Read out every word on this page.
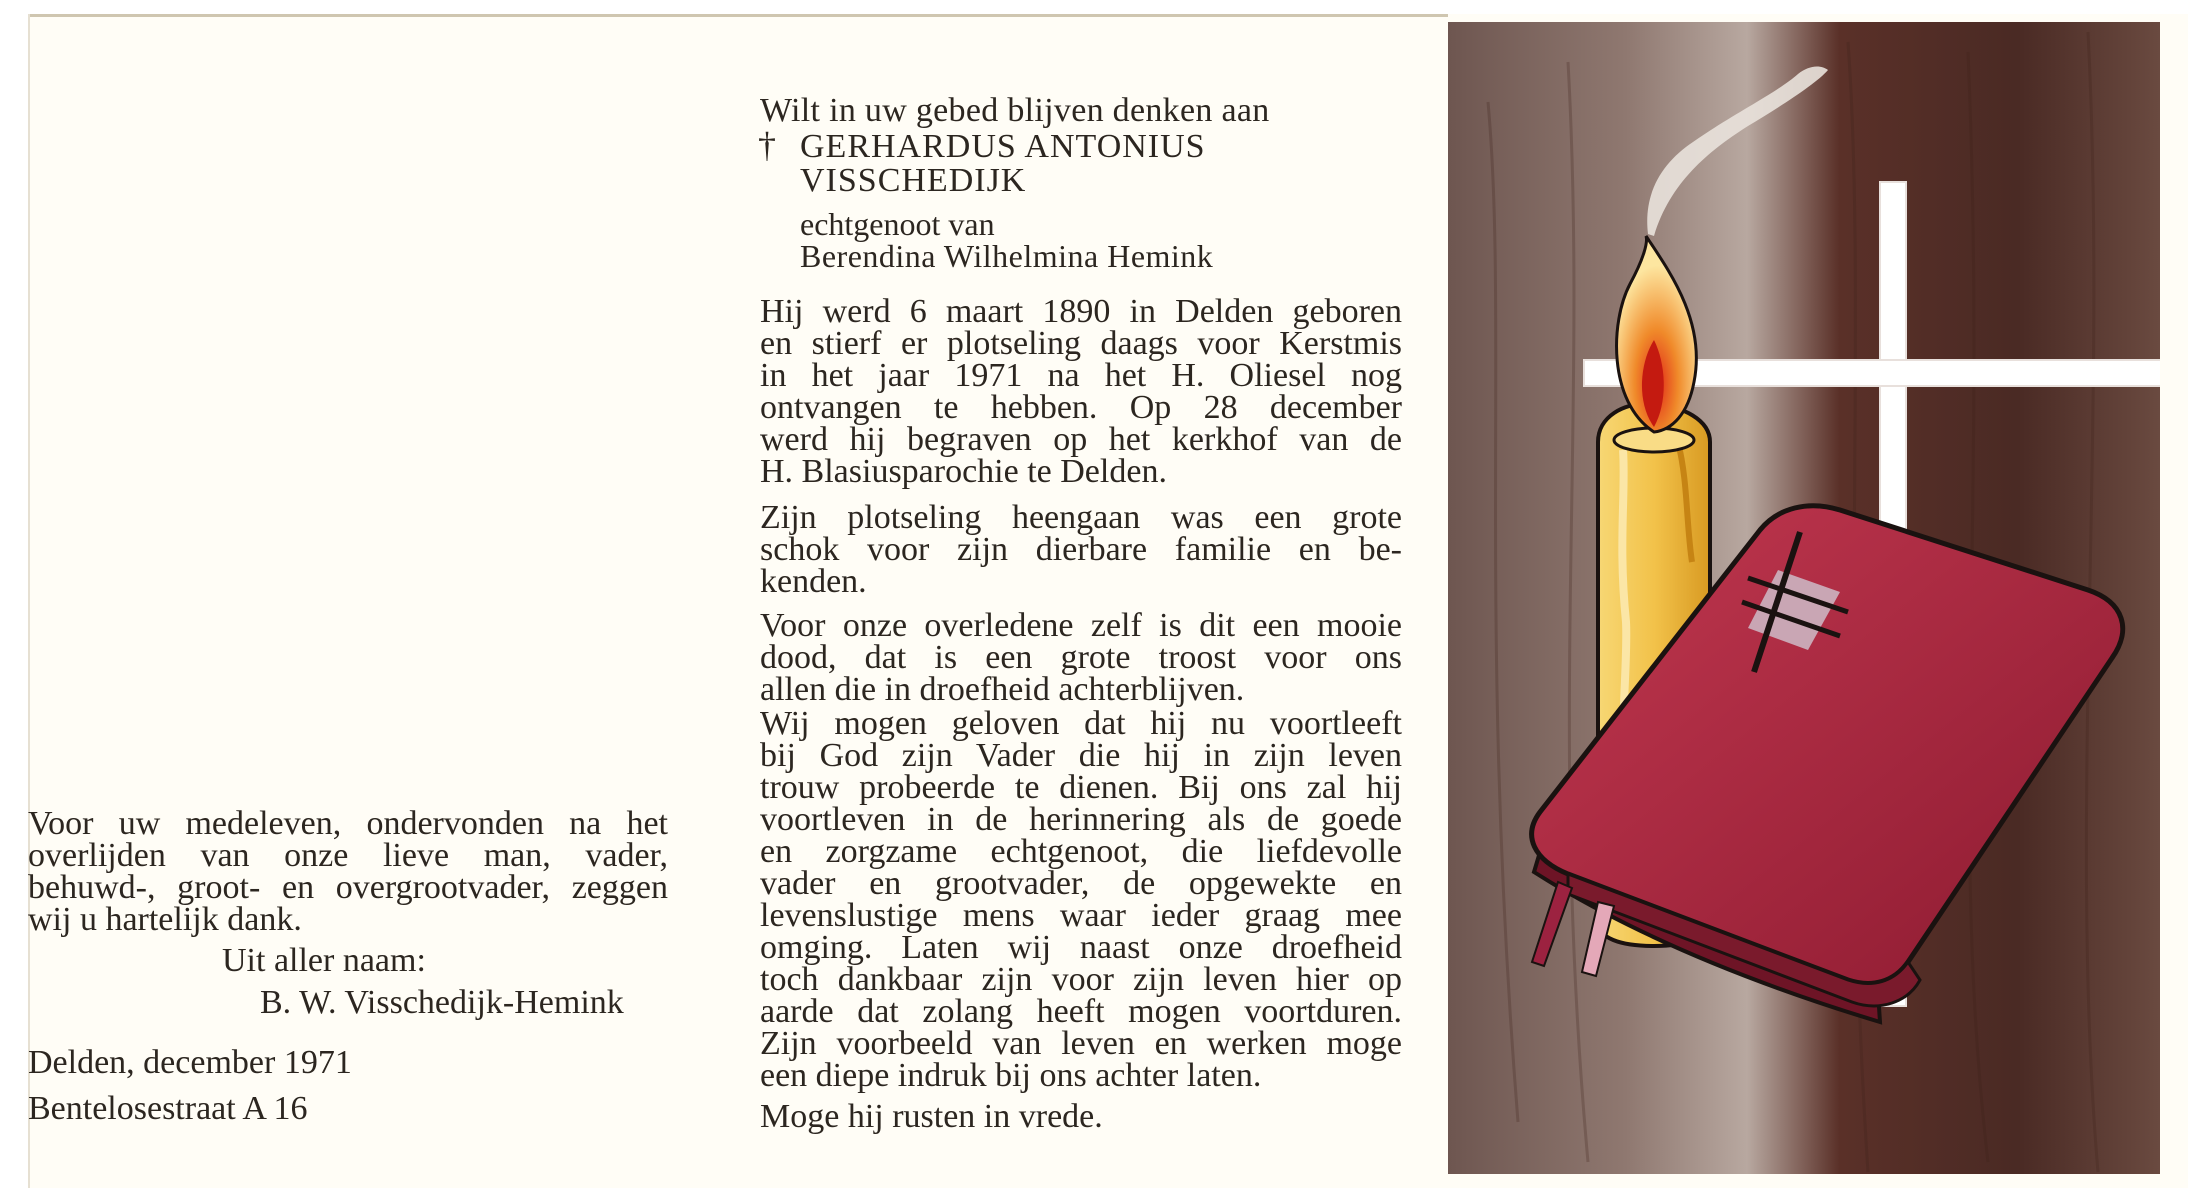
Voor uw medeleven, ondervonden na het
overlijden van onze lieve man, vader,
behuwd-, groot- en overgrootvader, zeggen
wij u hartelijk dank.
Uit aller naam:
B. W. Visschedijk-Hemink
Delden, december 1971
Bentelosestraat A 16
Wilt in uw gebed blijven denken aan
† GERHARDUS ANTONIUS
VISSCHEDIJK
echtgenoot van
Berendina Wilhelmina Hemink
Hij werd 6 maart 1890 in Delden geboren
en stierf er plotseling daags voor Kerstmis
in het jaar 1971 na het H. Oliesel nog
ontvangen te hebben. Op 28 december
werd hij begraven op het kerkhof van de
H. Blasiusparochie te Delden.
Zijn plotseling heengaan was een grote
schok voor zijn dierbare familie en be-
kenden.
Voor onze overledene zelf is dit een mooie
dood, dat is een grote troost voor ons
allen die in droefheid achterblijven.
Wij mogen geloven dat hij nu voortleeft
bij God zijn Vader die hij in zijn leven
trouw probeerde te dienen. Bij ons zal hij
voortleven in de herinnering als de goede
en zorgzame echtgenoot, die liefdevolle
vader en grootvader, de opgewekte en
levenslustige mens waar ieder graag mee
omging. Laten wij naast onze droefheid
toch dankbaar zijn voor zijn leven hier op
aarde dat zolang heeft mogen voortduren.
Zijn voorbeeld van leven en werken moge
een diepe indruk bij ons achter laten.
Moge hij rusten in vrede.
